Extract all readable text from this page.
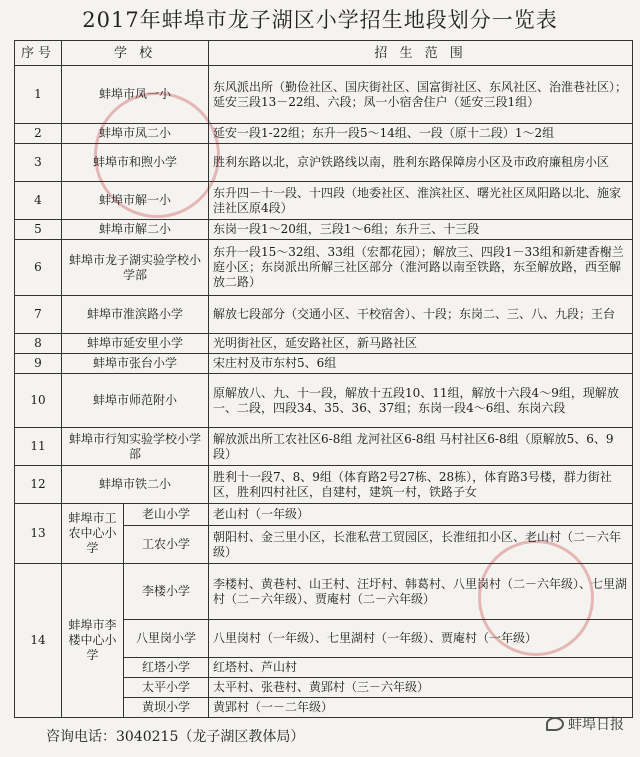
2017年蚌埠市龙子湖区小学招生地段划分一览表
序号	学 校		招 生 范 围
1	蚌埠市凤一小		东风派出所（勤俭社区、国庆街社区、国富街社区、东风社区、治淮巷社区）；延安三段13－22组、六段；凤一小宿舍住户（延安三段1组）
2	蚌埠市凤二小		延安一段1-22组；东升一段5～14组、一段（原十二段）1～2组
3	蚌埠市和煦小学		胜利东路以北，京沪铁路线以南，胜利东路保障房小区及市政府廉租房小区
4	蚌埠市解一小		东升四－十一段、十四段（地委社区、淮滨社区、曙光社区凤阳路以北、施家洼社区原4段）
5	蚌埠市解二小		东岗一段1～20组，三段1～6组；东升三、十三段
6	蚌埠市龙子湖实验学校小学部		东升一段15～32组、33组（宏都花园）；解放三、四段1－33组和新建香榭兰庭小区；东岗派出所解三社区部分（淮河路以南至铁路，东至解放路，西至解放二路）
7	蚌埠市淮滨路小学		解放七段部分（交通小区、干校宿舍）、十段；东岗二、三、八、九段；王台
8	蚌埠市延安里小学		光明街社区，延安路社区，新马路社区
9	蚌埠市张台小学		宋庄村及市东村5、6组
10	蚌埠市师范附小		原解放八、九、十一段，解放十五段10、11组，解放十六段4～9组，现解放一、二段，四段34、35、36、37组；东岗一段4～6组、东岗六段
11	蚌埠市行知实验学校小学部		解放派出所工农社区6-8组 龙河社区6-8组 马村社区6-8组（原解放5、6、9段）
12	蚌埠市铁二小		胜利十一段7、8、9组（体育路2号27栋、28栋），体育路3号楼，群力街社区，胜利四村社区，自建村，建筑一村，铁路子女
13	蚌埠市工农中心小学	老山小学	老山村（一年级）
		工农小学	朝阳村、金三里小区，长淮私营工贸园区，长淮纽扣小区、老山村（二－六年级）
14	蚌埠市李楼中心小学	李楼小学	李楼村、黄巷村、山王村、汪圩村、韩葛村、八里岗村（二－六年级）、七里湖村（二－六年级）、贾庵村（二－六年级）
		八里岗小学	八里岗村（一年级）、七里湖村（一年级）、贾庵村（一年级）
		红塔小学	红塔村、芦山村
		太平小学	太平村、张巷村、黄郢村（三－六年级）
		黄坝小学	黄郢村（一－二年级）
咨询电话：3040215（龙子湖区教体局）
蚌埠日报
